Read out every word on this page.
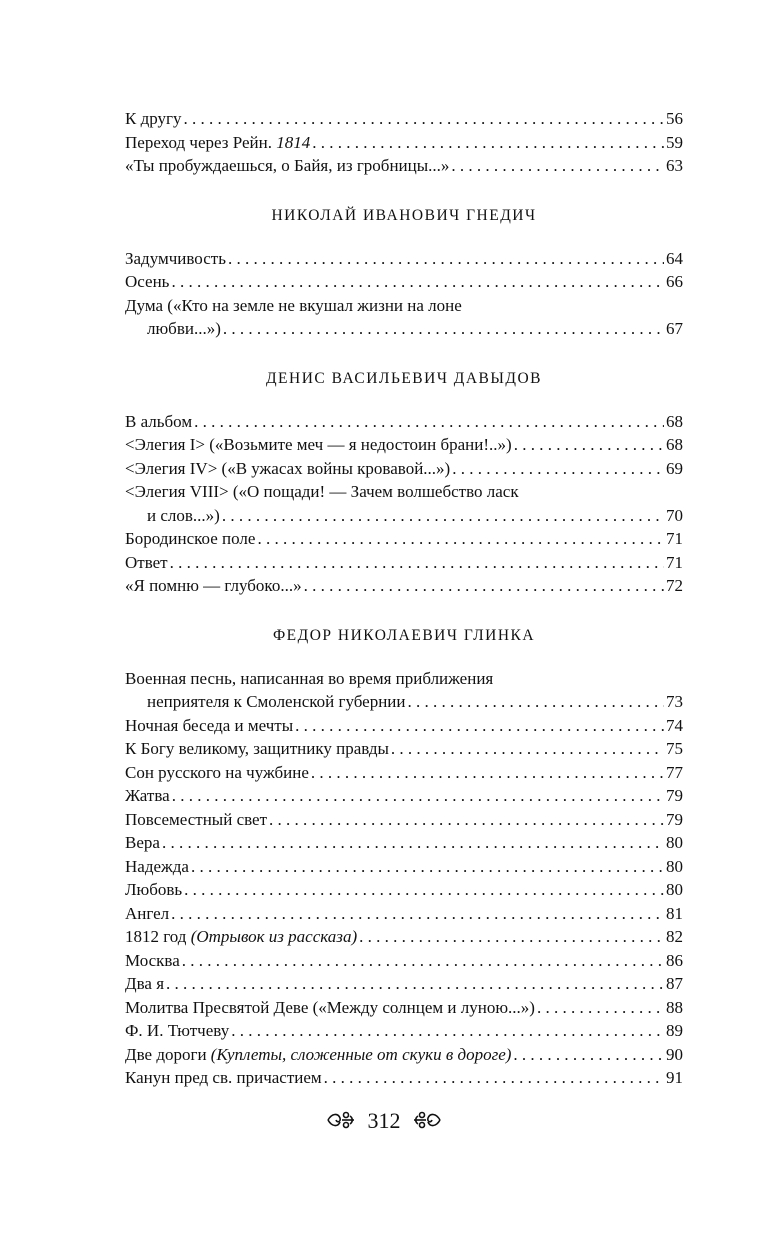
К другу . . .	56
Переход через Рейн. 1814 . . .	59
«Ты пробуждаешься, о Байя, из гробницы...» . . .	63
НИКОЛАЙ ИВАНОВИЧ ГНЕДИЧ
Задумчивость . . .	64
Осень . . .	66
Дума («Кто на земле не вкушал жизни на лоне
любви...») . . .	67
ДЕНИС ВАСИЛЬЕВИЧ ДАВЫДОВ
В альбом . . .	68
<Элегия I> («Возьмите меч — я недостоин брани!..») . . .	68
<Элегия IV> («В ужасах войны кровавой...») . . .	69
<Элегия VIII> («О пощади! — Зачем волшебство ласк
и слов...») . . .	70
Бородинское поле . . .	71
Ответ . . .	71
«Я помню — глубоко...» . . .	72
ФЕДОР НИКОЛАЕВИЧ ГЛИНКА
Военная песнь, написанная во время приближения
неприятеля к Смоленской губернии . . .	73
Ночная беседа и мечты . . .	74
К Богу великому, защитнику правды . . .	75
Сон русского на чужбине . . .	77
Жатва . . .	79
Повсеместный свет . . .	79
Вера . . .	80
Надежда . . .	80
Любовь . . .	80
Ангел . . .	81
1812 год (Отрывок из рассказа) . . .	82
Москва . . .	86
Два я . . .	87
Молитва Пресвятой Деве («Между солнцем и луною...») . . .	88
Ф. И. Тютчеву . . .	89
Две дороги (Куплеты, сложенные от скуки в дороге) . . .	90
Канун пред св. причастием . . .	91
312
